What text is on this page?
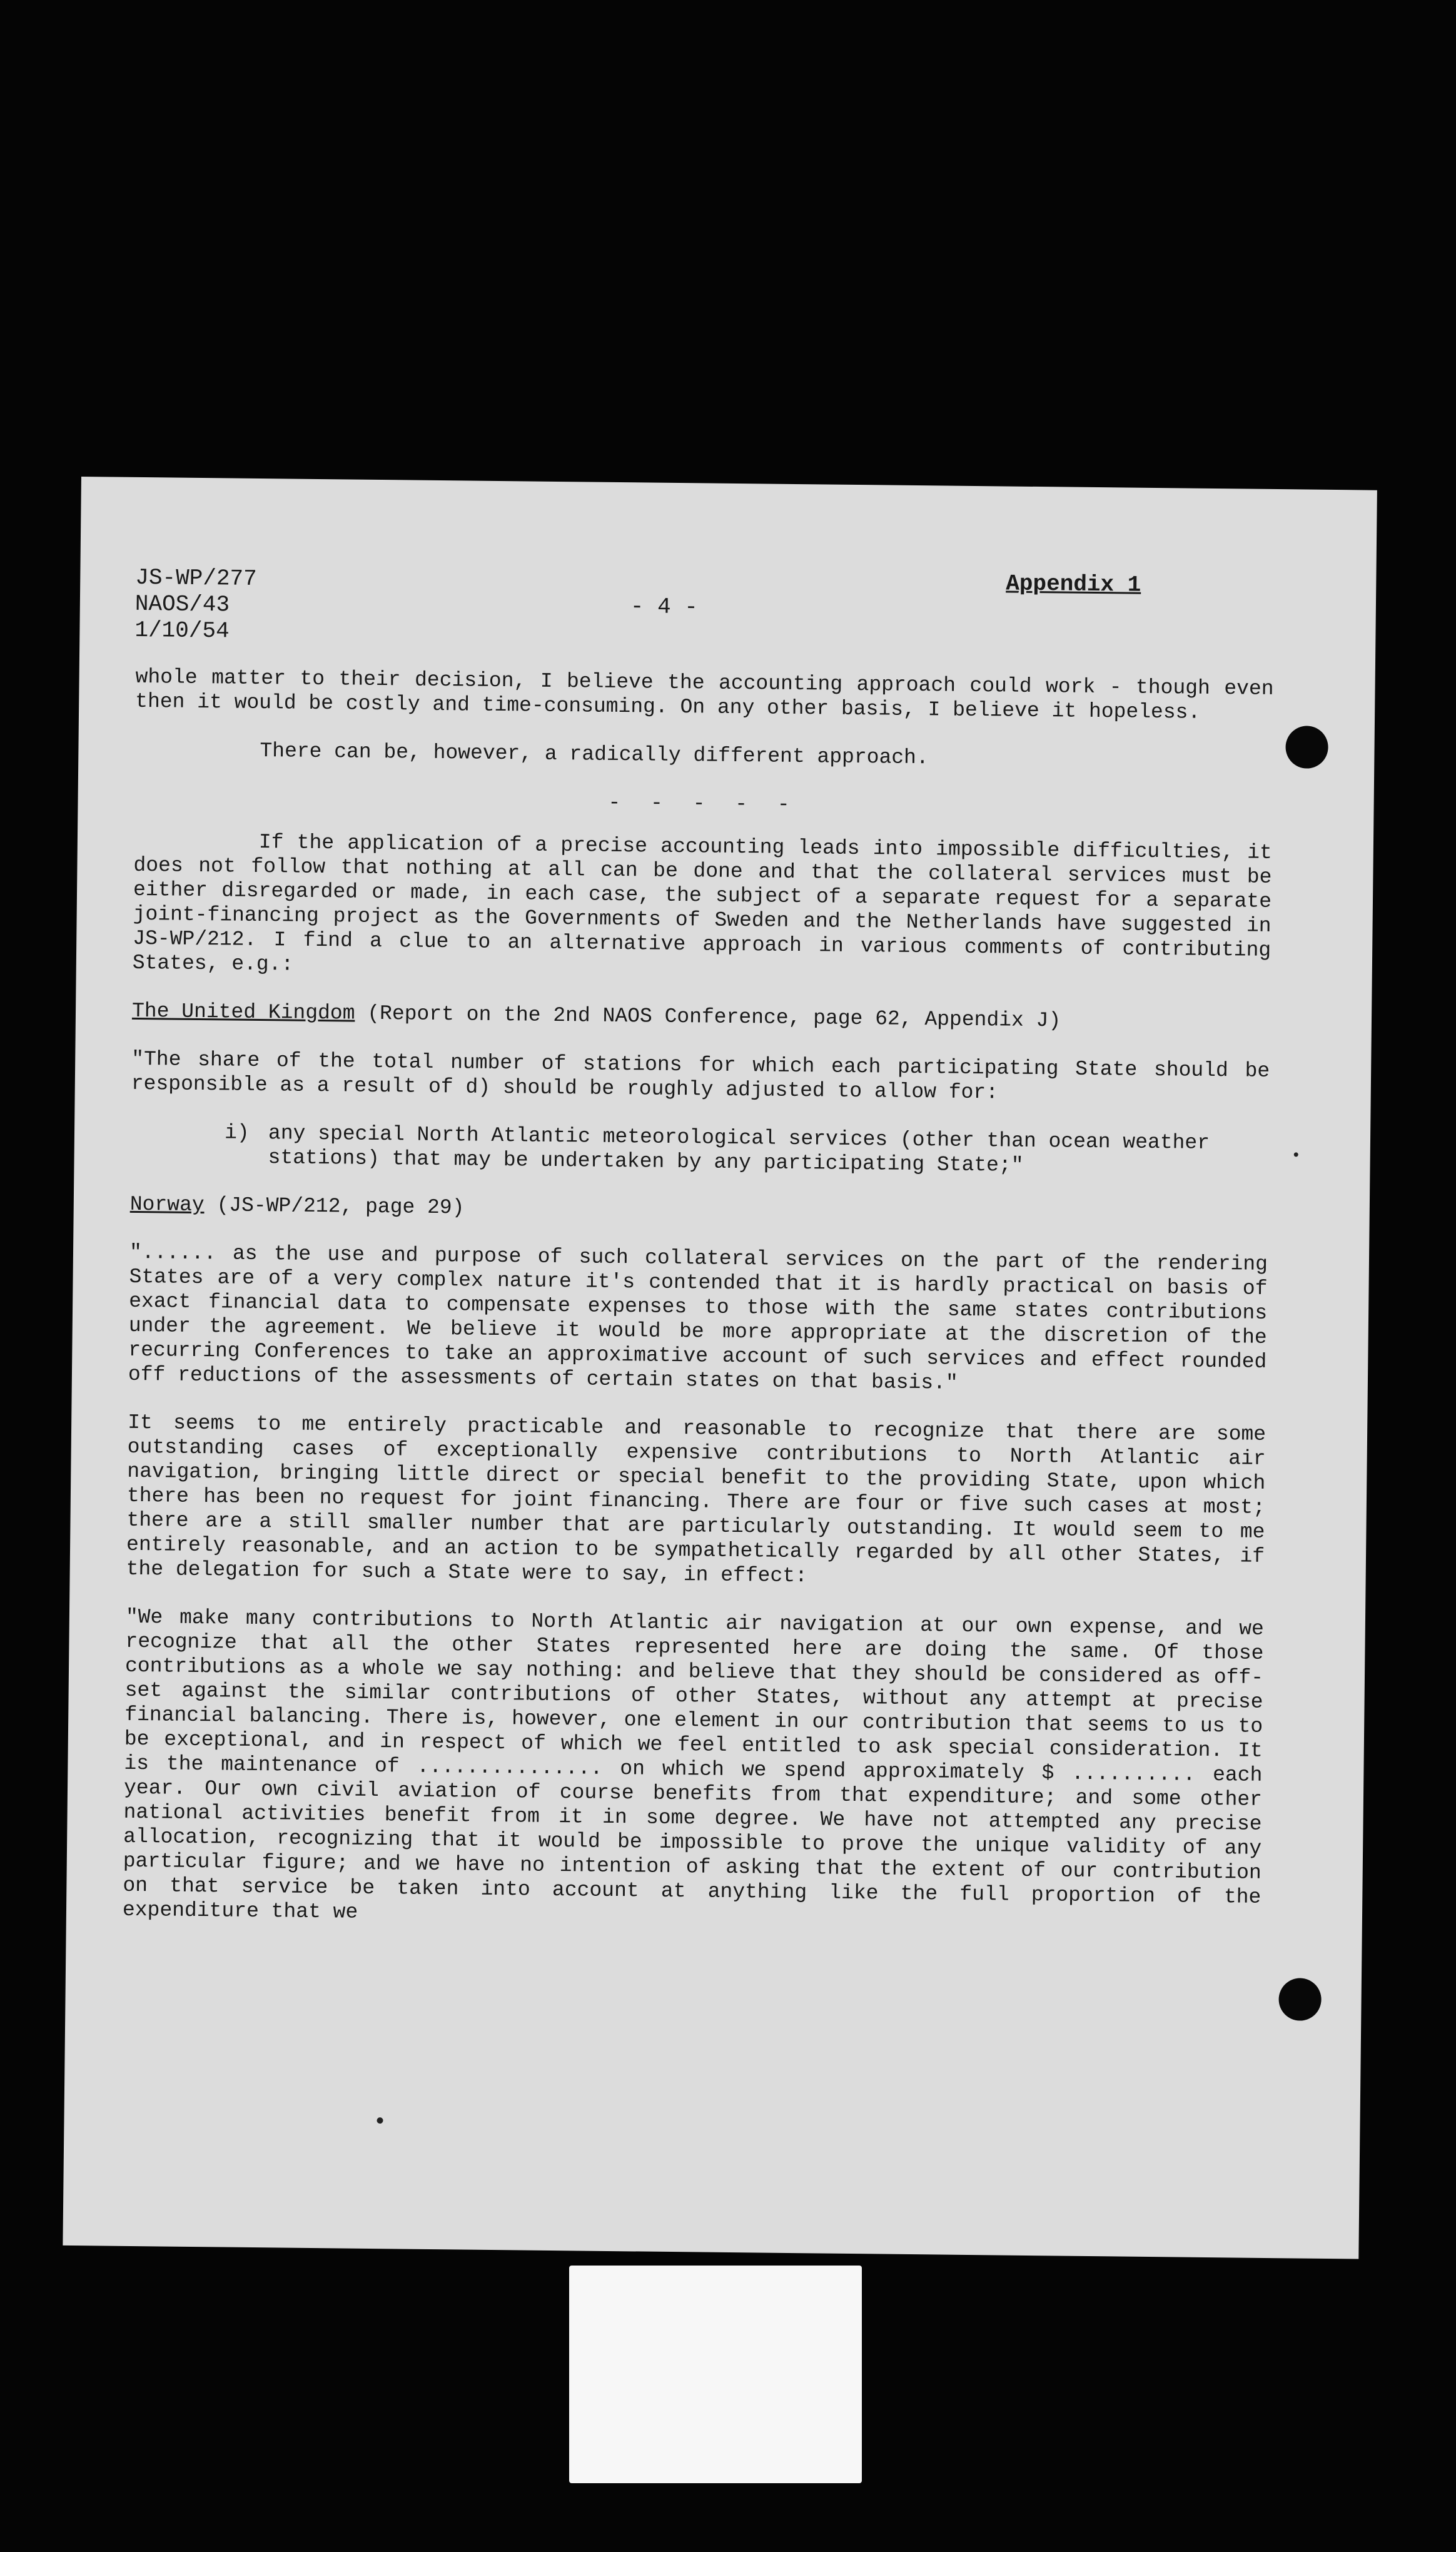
JS-WP/277
NAOS/43
1/10/54
- 4 -
Appendix 1

whole matter to their decision, I believe the accounting approach could work - though even then it would be costly and time-consuming. On any other basis, I believe it hopeless.

There can be, however, a radically different approach.

- - - - -

If the application of a precise accounting leads into impossible difficulties, it does not follow that nothing at all can be done and that the collateral services must be either disregarded or made, in each case, the subject of a separate request for a separate joint-financing project as the Governments of Sweden and the Netherlands have suggested in JS-WP/212. I find a clue to an alternative approach in various comments of contributing States, e.g.:

The United Kingdom (Report on the 2nd NAOS Conference, page 62, Appendix J)

"The share of the total number of stations for which each participating State should be responsible as a result of d) should be roughly adjusted to allow for:

i) any special North Atlantic meteorological services (other than ocean weather stations) that may be undertaken by any participating State;"

Norway (JS-WP/212, page 29)

"...... as the use and purpose of such collateral services on the part of the rendering States are of a very complex nature it's contended that it is hardly practical on basis of exact financial data to compensate expenses to those with the same states contributions under the agreement. We believe it would be more appropriate at the discretion of the recurring Conferences to take an approximative account of such services and effect rounded off reductions of the assessments of certain states on that basis."

It seems to me entirely practicable and reasonable to recognize that there are some outstanding cases of exceptionally expensive contributions to North Atlantic air navigation, bringing little direct or special benefit to the providing State, upon which there has been no request for joint financing. There are four or five such cases at most; there are a still smaller number that are particularly outstanding. It would seem to me entirely reasonable, and an action to be sympathetically regarded by all other States, if the delegation for such a State were to say, in effect:

"We make many contributions to North Atlantic air navigation at our own expense, and we recognize that all the other States represented here are doing the same. Of those contributions as a whole we say nothing: and believe that they should be considered as off-set against the similar contributions of other States, without any attempt at precise financial balancing. There is, however, one element in our contribution that seems to us to be exceptional, and in respect of which we feel entitled to ask special consideration. It is the maintenance of ............... on which we spend approximately $ .......... each year. Our own civil aviation of course benefits from that expenditure; and some other national activities benefit from it in some degree. We have not attempted any precise allocation, recognizing that it would be impossible to prove the unique validity of any particular figure; and we have no intention of asking that the extent of our contribution on that service be taken into account at anything like the full proportion of the expenditure that we
